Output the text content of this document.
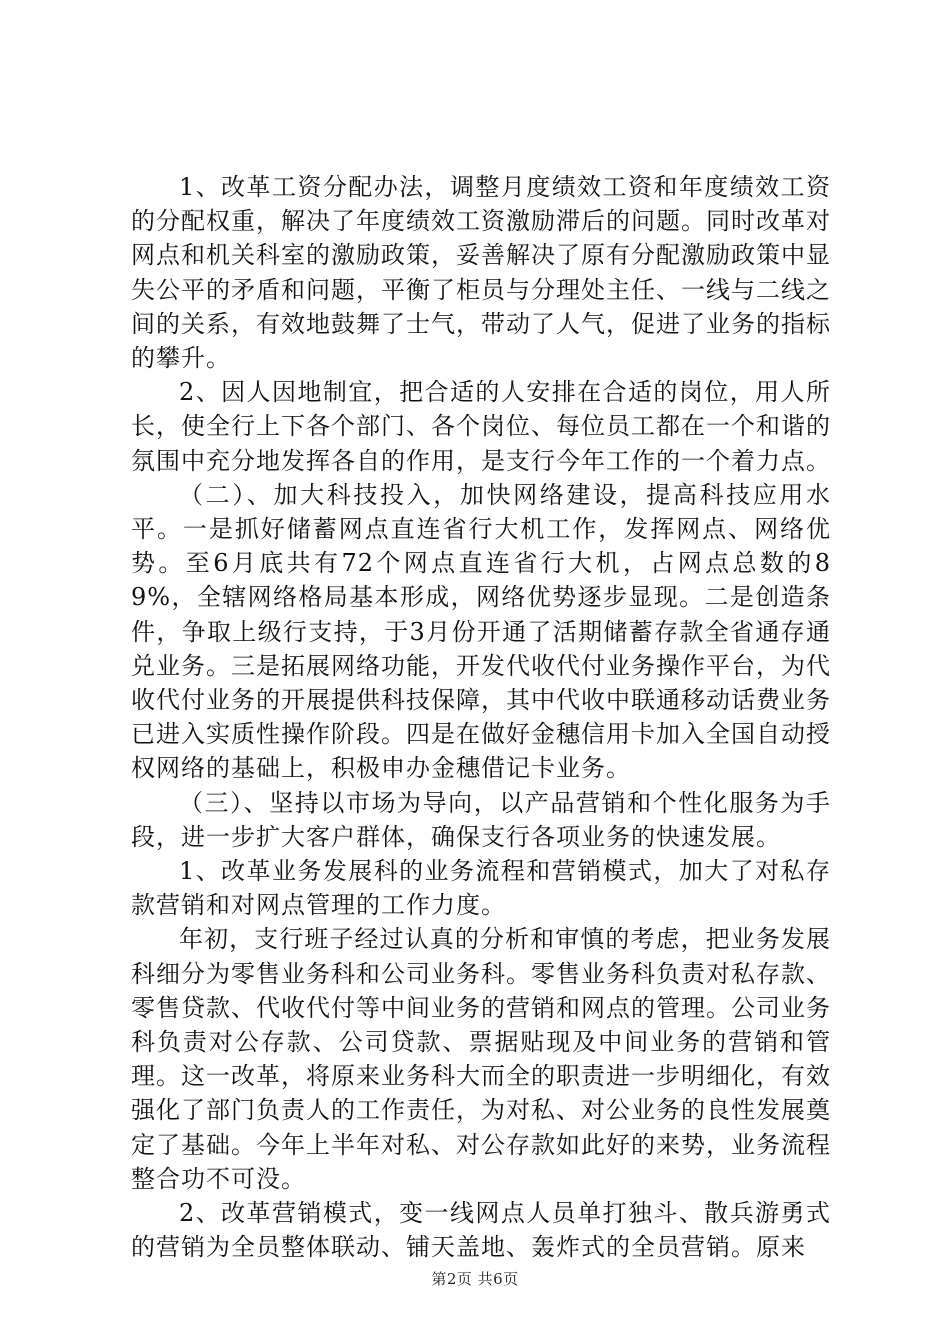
1、改革工资分配办法，调整月度绩效工资和年度绩效工资的分配权重，解决了年度绩效工资激励滞后的问题。同时改革对网点和机关科室的激励政策，妥善解决了原有分配激励政策中显失公平的矛盾和问题，平衡了柜员与分理处主任、一线与二线之间的关系，有效地鼓舞了士气，带动了人气，促进了业务的指标的攀升。

2、因人因地制宜，把合适的人安排在合适的岗位，用人所长，使全行上下各个部门、各个岗位、每位员工都在一个和谐的氛围中充分地发挥各自的作用，是支行今年工作的一个着力点。

（二）、加大科技投入，加快网络建设，提高科技应用水平。一是抓好储蓄网点直连省行大机工作，发挥网点、网络优势。至6月底共有72个网点直连省行大机，占网点总数的89%，全辖网络格局基本形成，网络优势逐步显现。二是创造条件，争取上级行支持，于3月份开通了活期储蓄存款全省通存通兑业务。三是拓展网络功能，开发代收代付业务操作平台，为代收代付业务的开展提供科技保障，其中代收中联通移动话费业务已进入实质性操作阶段。四是在做好金穗信用卡加入全国自动授权网络的基础上，积极申办金穗借记卡业务。

（三）、坚持以市场为导向，以产品营销和个性化服务为手段，进一步扩大客户群体，确保支行各项业务的快速发展。

1、改革业务发展科的业务流程和营销模式，加大了对私存款营销和对网点管理的工作力度。

年初，支行班子经过认真的分析和审慎的考虑，把业务发展科细分为零售业务科和公司业务科。零售业务科负责对私存款、零售贷款、代收代付等中间业务的营销和网点的管理。公司业务科负责对公存款、公司贷款、票据贴现及中间业务的营销和管理。这一改革，将原来业务科大而全的职责进一步明细化，有效强化了部门负责人的工作责任，为对私、对公业务的良性发展奠定了基础。今年上半年对私、对公存款如此好的来势，业务流程整合功不可没。

2、改革营销模式，变一线网点人员单打独斗、散兵游勇式的营销为全员整体联动、铺天盖地、轰炸式的全员营销。原来

第2页 共6页
